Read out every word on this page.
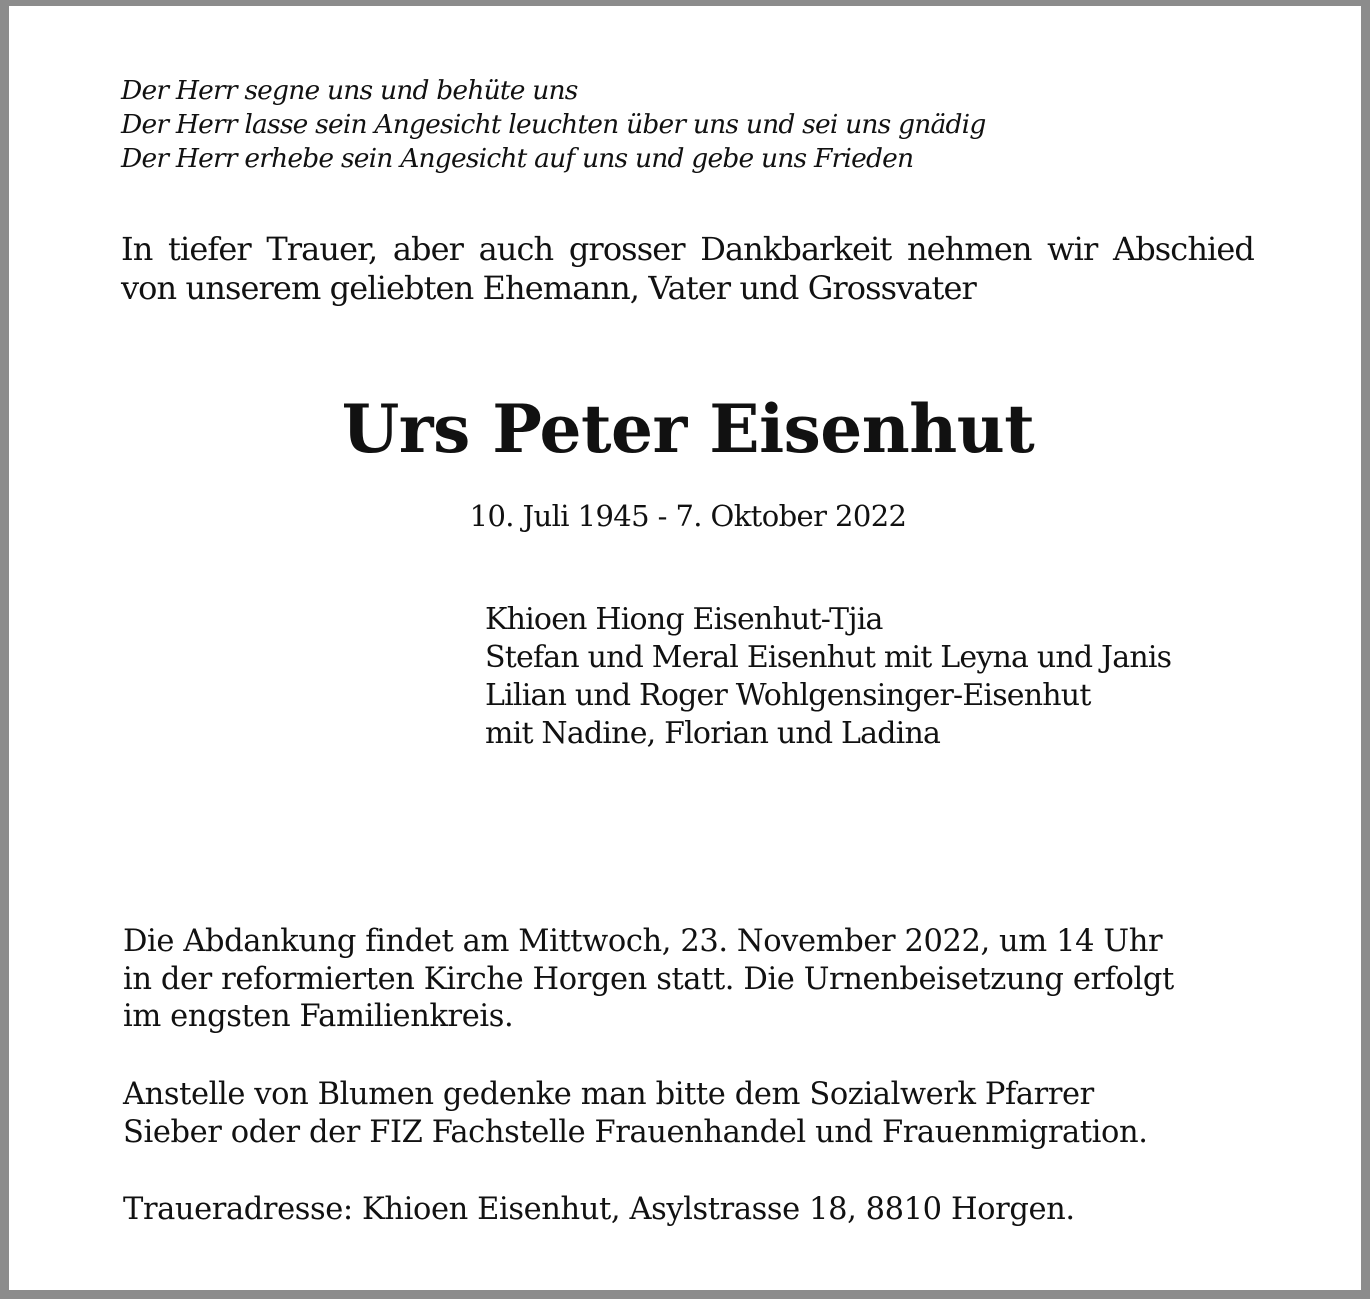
Der Herr segne uns und behüte uns
Der Herr lasse sein Angesicht leuchten über uns und sei uns gnädig
Der Herr erhebe sein Angesicht auf uns und gebe uns Frieden
In tiefer Trauer, aber auch grosser Dankbarkeit nehmen wir Abschied
von unserem geliebten Ehemann, Vater und Grossvater
Urs Peter Eisenhut
10. Juli 1945 - 7. Oktober 2022
Khioen Hiong Eisenhut-Tjia
Stefan und Meral Eisenhut mit Leyna und Janis
Lilian und Roger Wohlgensinger-Eisenhut
mit Nadine, Florian und Ladina
Die Abdankung findet am Mittwoch, 23. November 2022, um 14 Uhr
in der reformierten Kirche Horgen statt. Die Urnenbeisetzung erfolgt
im engsten Familienkreis.
Anstelle von Blumen gedenke man bitte dem Sozialwerk Pfarrer
Sieber oder der FIZ Fachstelle Frauenhandel und Frauenmigration.
Traueradresse: Khioen Eisenhut, Asylstrasse 18, 8810 Horgen.
